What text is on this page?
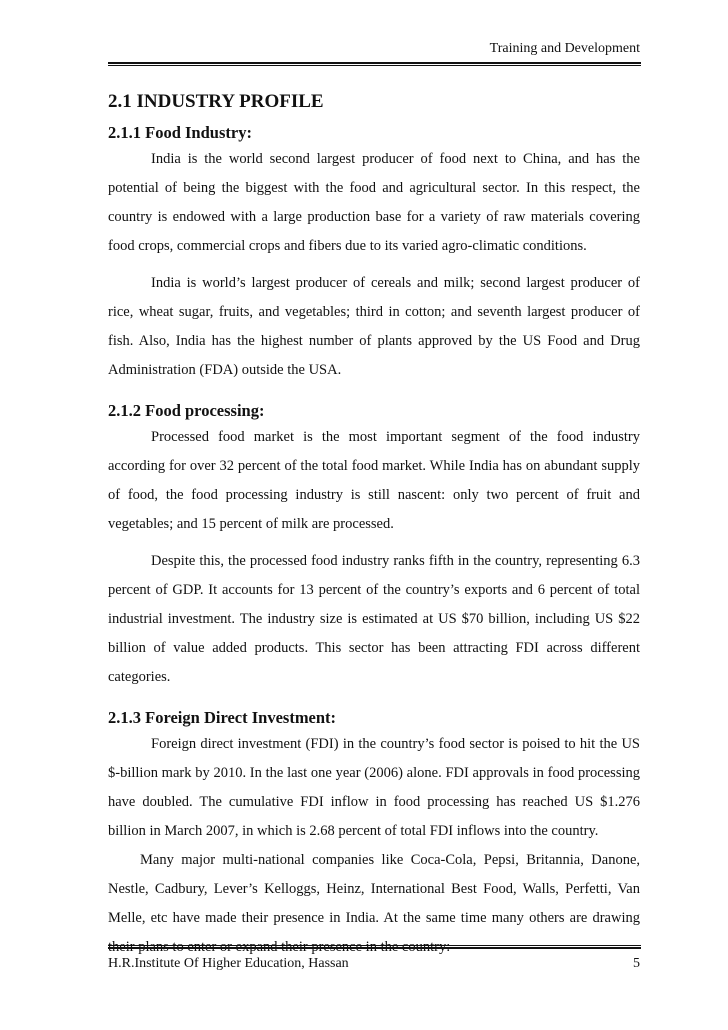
Training and Development
2.1 INDUSTRY PROFILE
2.1.1 Food Industry:

India is the world second largest producer of food next to China, and has the potential of being the biggest with the food and agricultural sector. In this respect, the country is endowed with a large production base for a variety of raw materials covering food crops, commercial crops and fibers due to its varied agro-climatic conditions.

India is world’s largest producer of cereals and milk; second largest producer of rice, wheat sugar, fruits, and vegetables; third in cotton; and seventh largest producer of fish. Also, India has the highest number of plants approved by the US Food and Drug Administration (FDA) outside the USA.

2.1.2 Food processing:

Processed food market is the most important segment of the food industry according for over 32 percent of the total food market. While India has on abundant supply of food, the food processing industry is still nascent: only two percent of fruit and vegetables; and 15 percent of milk are processed.

Despite this, the processed food industry ranks fifth in the country, representing 6.3 percent of GDP. It accounts for 13 percent of the country’s exports and 6 percent of total industrial investment. The industry size is estimated at US $70 billion, including US $22 billion of value added products. This sector has been attracting FDI across different categories.

2.1.3 Foreign Direct Investment:

Foreign direct investment (FDI) in the country’s food sector is poised to hit the US $-billion mark by 2010. In the last one year (2006) alone. FDI approvals in food processing have doubled. The cumulative FDI inflow in food processing has reached US $1.276 billion in March 2007, in which is 2.68 percent of total FDI inflows into the country.

Many major multi-national companies like Coca-Cola, Pepsi, Britannia, Danone, Nestle, Cadbury, Lever’s Kelloggs, Heinz, International Best Food, Walls, Perfetti, Van Melle, etc have made their presence in India. At the same time many others are drawing their plans to enter or expand their presence in the country:

H.R.Institute Of Higher Education, Hassan	5
